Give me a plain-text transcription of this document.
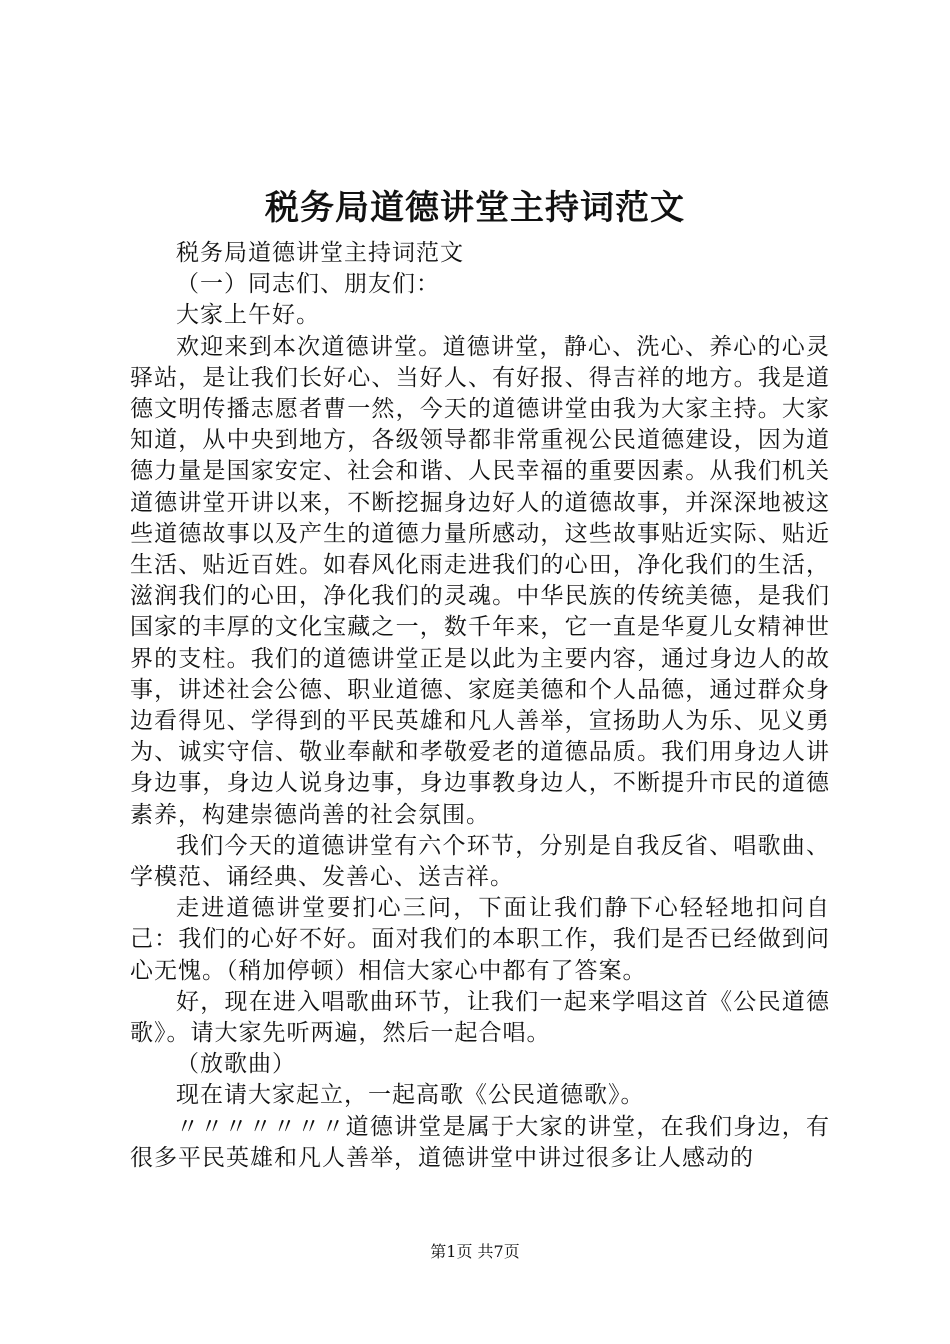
税务局道德讲堂主持词范文

税务局道德讲堂主持词范文

（一）同志们、朋友们：

大家上午好。

欢迎来到本次道德讲堂。道德讲堂，静心、洗心、养心的心灵驿站，是让我们长好心、当好人、有好报、得吉祥的地方。我是道德文明传播志愿者曹一然，今天的道德讲堂由我为大家主持。大家知道，从中央到地方，各级领导都非常重视公民道德建设，因为道德力量是国家安定、社会和谐、人民幸福的重要因素。从我们机关道德讲堂开讲以来，不断挖掘身边好人的道德故事，并深深地被这些道德故事以及产生的道德力量所感动，这些故事贴近实际、贴近生活、贴近百姓。如春风化雨走进我们的心田，净化我们的生活，滋润我们的心田，净化我们的灵魂。中华民族的传统美德，是我们国家的丰厚的文化宝藏之一，数千年来，它一直是华夏儿女精神世界的支柱。我们的道德讲堂正是以此为主要内容，通过身边人的故事，讲述社会公德、职业道德、家庭美德和个人品德，通过群众身边看得见、学得到的平民英雄和凡人善举，宣扬助人为乐、见义勇为、诚实守信、敬业奉献和孝敬爱老的道德品质。我们用身边人讲身边事，身边人说身边事，身边事教身边人，不断提升市民的道德素养，构建崇德尚善的社会氛围。

我们今天的道德讲堂有六个环节，分别是自我反省、唱歌曲、学模范、诵经典、发善心、送吉祥。

走进道德讲堂要扪心三问，下面让我们静下心轻轻地扣问自己：我们的心好不好。面对我们的本职工作，我们是否已经做到问心无愧。（稍加停顿）相信大家心中都有了答案。

好，现在进入唱歌曲环节，让我们一起来学唱这首《公民道德歌》。请大家先听两遍，然后一起合唱。

（放歌曲）

现在请大家起立，一起高歌《公民道德歌》。

〃〃〃〃〃〃〃道德讲堂是属于大家的讲堂，在我们身边，有很多平民英雄和凡人善举，道德讲堂中讲过很多让人感动的

第1页 共7页
